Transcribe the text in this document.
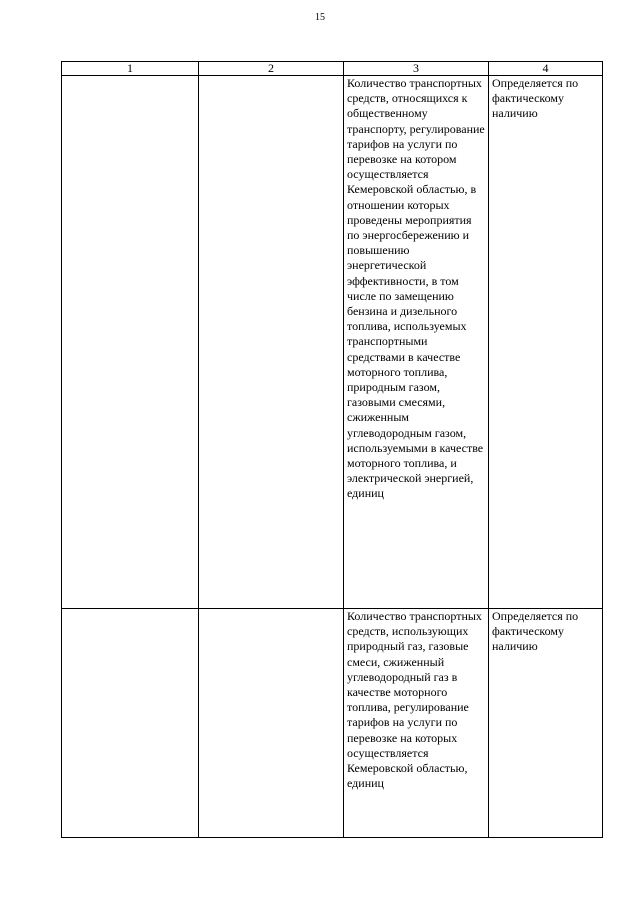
15
1	2	3	4

		Количество транспортных средств, относящихся к общественному транспорту, регулирование тарифов на услуги по перевозке на котором осуществляется Кемеровской областью, в отношении которых проведены мероприятия по энергосбережению и повышению энергетической эффективности, в том числе по замещению бензина и дизельного топлива, используемых транспортными средствами в качестве моторного топлива, природным газом, газовыми смесями, сжиженным углеводородным газом, используемыми в качестве моторного топлива, и электрической энергией, единиц	Определяется по фактическому наличию

		Количество транспортных средств, использующих природный газ, газовые смеси, сжиженный углеводородный газ в качестве моторного топлива, регулирование тарифов на услуги по перевозке на которых осуществляется Кемеровской областью, единиц	Определяется по фактическому наличию
